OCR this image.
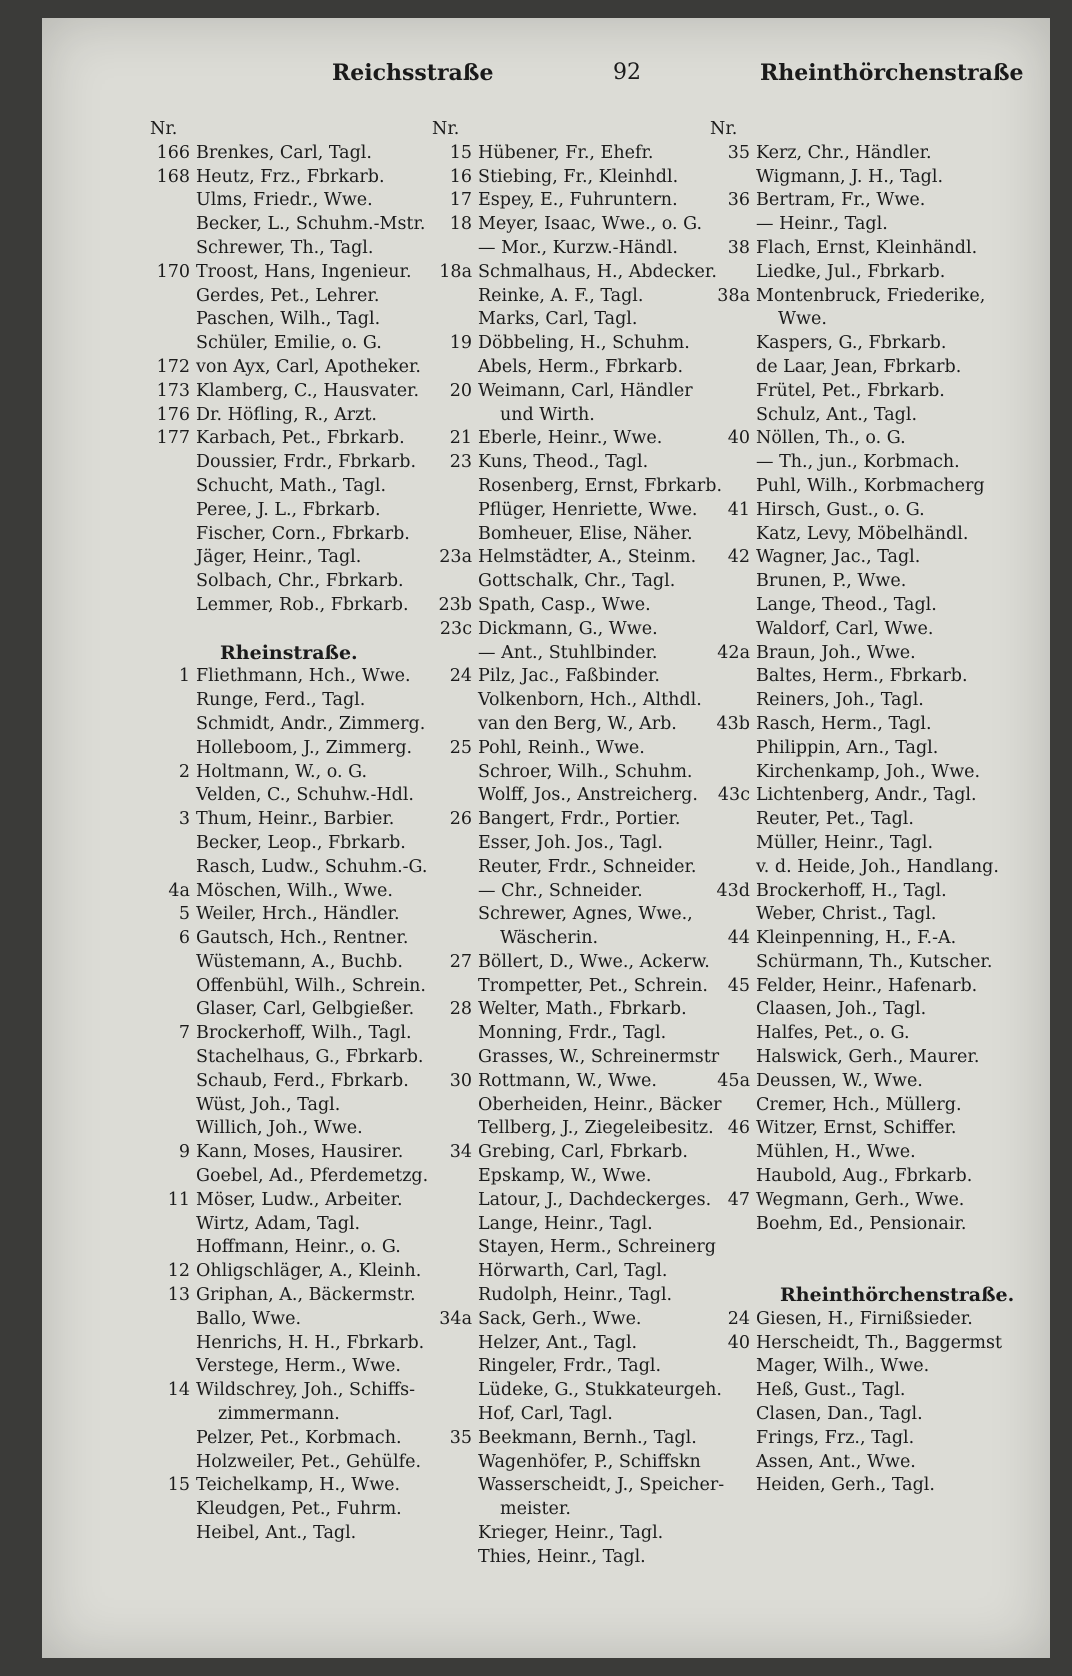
Reichsstraße	92	Rheinthörchenstraße
Nr.
166 Brenkes, Carl, Tagl.
168 Heutz, Frz., Fbrkarb.
Ulms, Friedr., Wwe.
Becker, L., Schuhm.-Mstr.
Schrewer, Th., Tagl.
170 Troost, Hans, Ingenieur.
Gerdes, Pet., Lehrer.
Paschen, Wilh., Tagl.
Schüler, Emilie, o. G.
172 von Ayx, Carl, Apotheker.
173 Klamberg, C., Hausvater.
176 Dr. Höfling, R., Arzt.
177 Karbach, Pet., Fbrkarb.
Doussier, Frdr., Fbrkarb.
Schucht, Math., Tagl.
Peree, J. L., Fbrkarb.
Fischer, Corn., Fbrkarb.
Jäger, Heinr., Tagl.
Solbach, Chr., Fbrkarb.
Lemmer, Rob., Fbrkarb.
Rheinstraße.
1 Fliethmann, Hch., Wwe.
Runge, Ferd., Tagl.
Schmidt, Andr., Zimmerg.
Holleboom, J., Zimmerg.
2 Holtmann, W., o. G.
Velden, C., Schuhw.-Hdl.
3 Thum, Heinr., Barbier.
Becker, Leop., Fbrkarb.
Rasch, Ludw., Schuhm.-G.
4a Möschen, Wilh., Wwe.
5 Weiler, Hrch., Händler.
6 Gautsch, Hch., Rentner.
Wüstemann, A., Buchb.
Offenbühl, Wilh., Schrein.
Glaser, Carl, Gelbgießer.
7 Brockerhoff, Wilh., Tagl.
Stachelhaus, G., Fbrkarb.
Schaub, Ferd., Fbrkarb.
Wüst, Joh., Tagl.
Willich, Joh., Wwe.
9 Kann, Moses, Hausirer.
Goebel, Ad., Pferdemetzg.
11 Möser, Ludw., Arbeiter.
Wirtz, Adam, Tagl.
Hoffmann, Heinr., o. G.
12 Ohligschläger, A., Kleinh.
13 Griphan, A., Bäckermstr.
Ballo, Wwe.
Henrichs, H. H., Fbrkarb.
Verstege, Herm., Wwe.
14 Wildschrey, Joh., Schiffs-
zimmermann.
Pelzer, Pet., Korbmach.
Holzweiler, Pet., Gehülfe.
15 Teichelkamp, H., Wwe.
Kleudgen, Pet., Fuhrm.
Heibel, Ant., Tagl.
Nr.
15 Hübener, Fr., Ehefr.
16 Stiebing, Fr., Kleinhdl.
17 Espey, E., Fuhruntern.
18 Meyer, Isaac, Wwe., o. G.
— Mor., Kurzw.-Händl.
18a Schmalhaus, H., Abdecker.
Reinke, A. F., Tagl.
Marks, Carl, Tagl.
19 Döbbeling, H., Schuhm.
Abels, Herm., Fbrkarb.
20 Weimann, Carl, Händler
und Wirth.
21 Eberle, Heinr., Wwe.
23 Kuns, Theod., Tagl.
Rosenberg, Ernst, Fbrkarb.
Pflüger, Henriette, Wwe.
Bomheuer, Elise, Näher.
23a Helmstädter, A., Steinm.
Gottschalk, Chr., Tagl.
23b Spath, Casp., Wwe.
23c Dickmann, G., Wwe.
— Ant., Stuhlbinder.
24 Pilz, Jac., Faßbinder.
Volkenborn, Hch., Althdl.
van den Berg, W., Arb.
25 Pohl, Reinh., Wwe.
Schroer, Wilh., Schuhm.
Wolff, Jos., Anstreicherg.
26 Bangert, Frdr., Portier.
Esser, Joh. Jos., Tagl.
Reuter, Frdr., Schneider.
— Chr., Schneider.
Schrewer, Agnes, Wwe.,
Wäscherin.
27 Böllert, D., Wwe., Ackerw.
Trompetter, Pet., Schrein.
28 Welter, Math., Fbrkarb.
Monning, Frdr., Tagl.
Grasses, W., Schreinermstr
30 Rottmann, W., Wwe.
Oberheiden, Heinr., Bäcker
Tellberg, J., Ziegeleibesitz.
34 Grebing, Carl, Fbrkarb.
Epskamp, W., Wwe.
Latour, J., Dachdeckerges.
Lange, Heinr., Tagl.
Stayen, Herm., Schreinerg
Hörwarth, Carl, Tagl.
Rudolph, Heinr., Tagl.
34a Sack, Gerh., Wwe.
Helzer, Ant., Tagl.
Ringeler, Frdr., Tagl.
Lüdeke, G., Stukkateurgeh.
Hof, Carl, Tagl.
35 Beekmann, Bernh., Tagl.
Wagenhöfer, P., Schiffskn
Wasserscheidt, J., Speicher-
meister.
Krieger, Heinr., Tagl.
Thies, Heinr., Tagl.
Nr.
35 Kerz, Chr., Händler.
Wigmann, J. H., Tagl.
36 Bertram, Fr., Wwe.
— Heinr., Tagl.
38 Flach, Ernst, Kleinhändl.
Liedke, Jul., Fbrkarb.
38a Montenbruck, Friederike,
Wwe.
Kaspers, G., Fbrkarb.
de Laar, Jean, Fbrkarb.
Frütel, Pet., Fbrkarb.
Schulz, Ant., Tagl.
40 Nöllen, Th., o. G.
— Th., jun., Korbmach.
Puhl, Wilh., Korbmacherg
41 Hirsch, Gust., o. G.
Katz, Levy, Möbelhändl.
42 Wagner, Jac., Tagl.
Brunen, P., Wwe.
Lange, Theod., Tagl.
Waldorf, Carl, Wwe.
42a Braun, Joh., Wwe.
Baltes, Herm., Fbrkarb.
Reiners, Joh., Tagl.
43b Rasch, Herm., Tagl.
Philippin, Arn., Tagl.
Kirchenkamp, Joh., Wwe.
43c Lichtenberg, Andr., Tagl.
Reuter, Pet., Tagl.
Müller, Heinr., Tagl.
v. d. Heide, Joh., Handlang.
43d Brockerhoff, H., Tagl.
Weber, Christ., Tagl.
44 Kleinpenning, H., F.-A.
Schürmann, Th., Kutscher.
45 Felder, Heinr., Hafenarb.
Claasen, Joh., Tagl.
Halfes, Pet., o. G.
Halswick, Gerh., Maurer.
45a Deussen, W., Wwe.
Cremer, Hch., Müllerg.
46 Witzer, Ernst, Schiffer.
Mühlen, H., Wwe.
Haubold, Aug., Fbrkarb.
47 Wegmann, Gerh., Wwe.
Boehm, Ed., Pensionair.
Rheinthörchenstraße.
24 Giesen, H., Firnißsieder.
40 Herscheidt, Th., Baggermst
Mager, Wilh., Wwe.
Heß, Gust., Tagl.
Clasen, Dan., Tagl.
Frings, Frz., Tagl.
Assen, Ant., Wwe.
Heiden, Gerh., Tagl.
